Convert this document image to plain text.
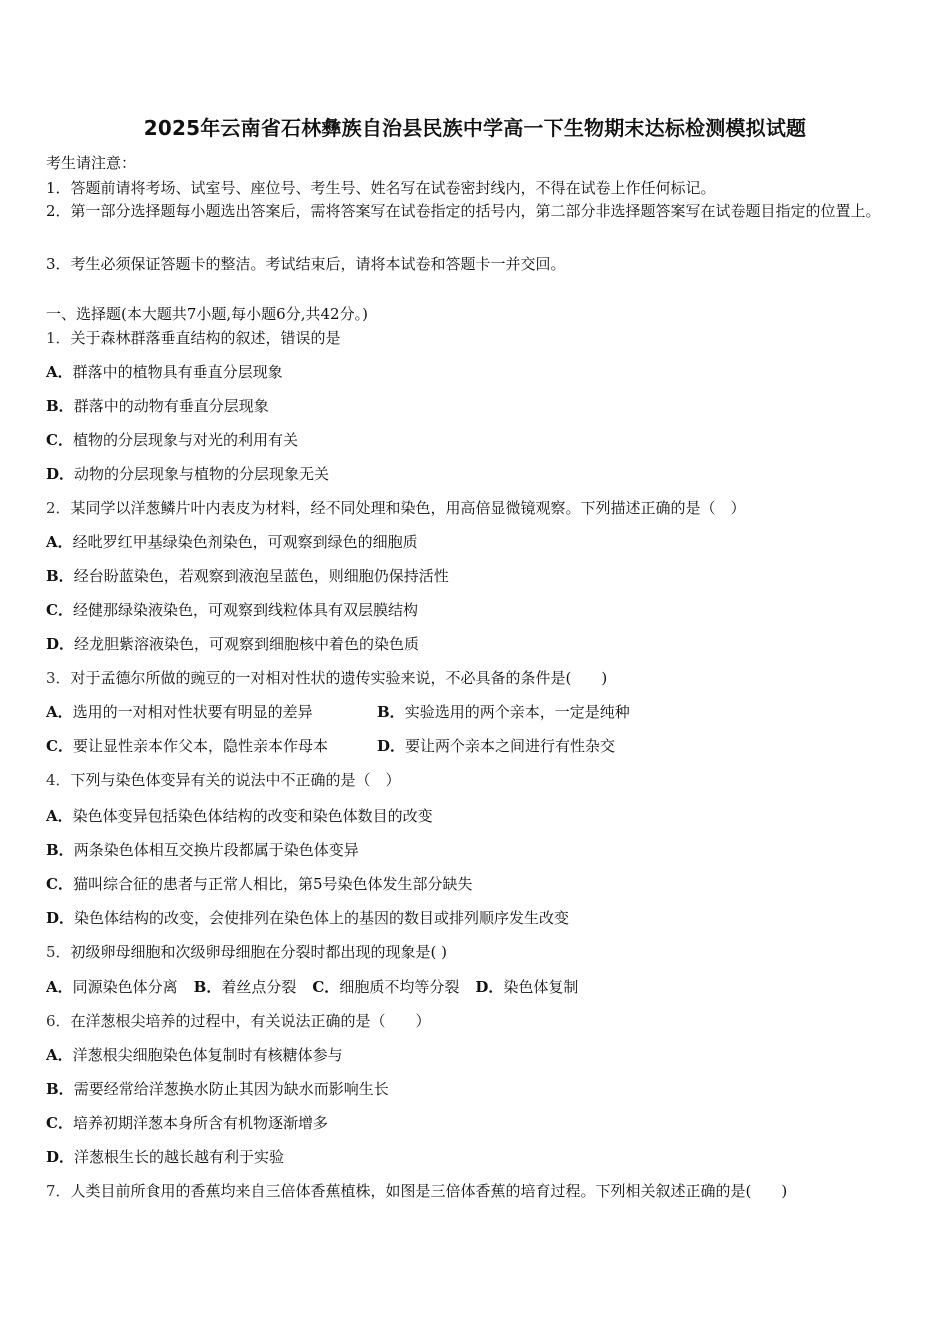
2025年云南省石林彝族自治县民族中学高一下生物期末达标检测模拟试题
考生请注意：
1．答题前请将考场、试室号、座位号、考生号、姓名写在试卷密封线内，不得在试卷上作任何标记。
2．第一部分选择题每小题选出答案后，需将答案写在试卷指定的括号内，第二部分非选择题答案写在试卷题目指定的位置上。
3．考生必须保证答题卡的整洁。考试结束后，请将本试卷和答题卡一并交回。
一、选择题(本大题共7小题,每小题6分,共42分。)
1．关于森林群落垂直结构的叙述，错误的是
A．群落中的植物具有垂直分层现象
B．群落中的动物有垂直分层现象
C．植物的分层现象与对光的利用有关
D．动物的分层现象与植物的分层现象无关
2．某同学以洋葱鳞片叶内表皮为材料，经不同处理和染色，用高倍显微镜观察。下列描述正确的是（　）
A．经吡罗红甲基绿染色剂染色，可观察到绿色的细胞质
B．经台盼蓝染色，若观察到液泡呈蓝色，则细胞仍保持活性
C．经健那绿染液染色，可观察到线粒体具有双层膜结构
D．经龙胆紫溶液染色，可观察到细胞核中着色的染色质
3．对于孟德尔所做的豌豆的一对相对性状的遗传实验来说，不必具备的条件是(　　)
A．选用的一对相对性状要有明显的差异	B．实验选用的两个亲本，一定是纯种
C．要让显性亲本作父本，隐性亲本作母本	D．要让两个亲本之间进行有性杂交
4．下列与染色体变异有关的说法中不正确的是（　）
A．染色体变异包括染色体结构的改变和染色体数目的改变
B．两条染色体相互交换片段都属于染色体变异
C．猫叫综合征的患者与正常人相比，第5号染色体发生部分缺失
D．染色体结构的改变，会使排列在染色体上的基因的数目或排列顺序发生改变
5．初级卵母细胞和次级卵母细胞在分裂时都出现的现象是( )
A．同源染色体分离 B．着丝点分裂 C．细胞质不均等分裂 D．染色体复制
6．在洋葱根尖培养的过程中，有关说法正确的是（　　）
A．洋葱根尖细胞染色体复制时有核糖体参与
B．需要经常给洋葱换水防止其因为缺水而影响生长
C．培养初期洋葱本身所含有机物逐渐增多
D．洋葱根生长的越长越有利于实验
7．人类目前所食用的香蕉均来自三倍体香蕉植株，如图是三倍体香蕉的培育过程。下列相关叙述正确的是(　　)
